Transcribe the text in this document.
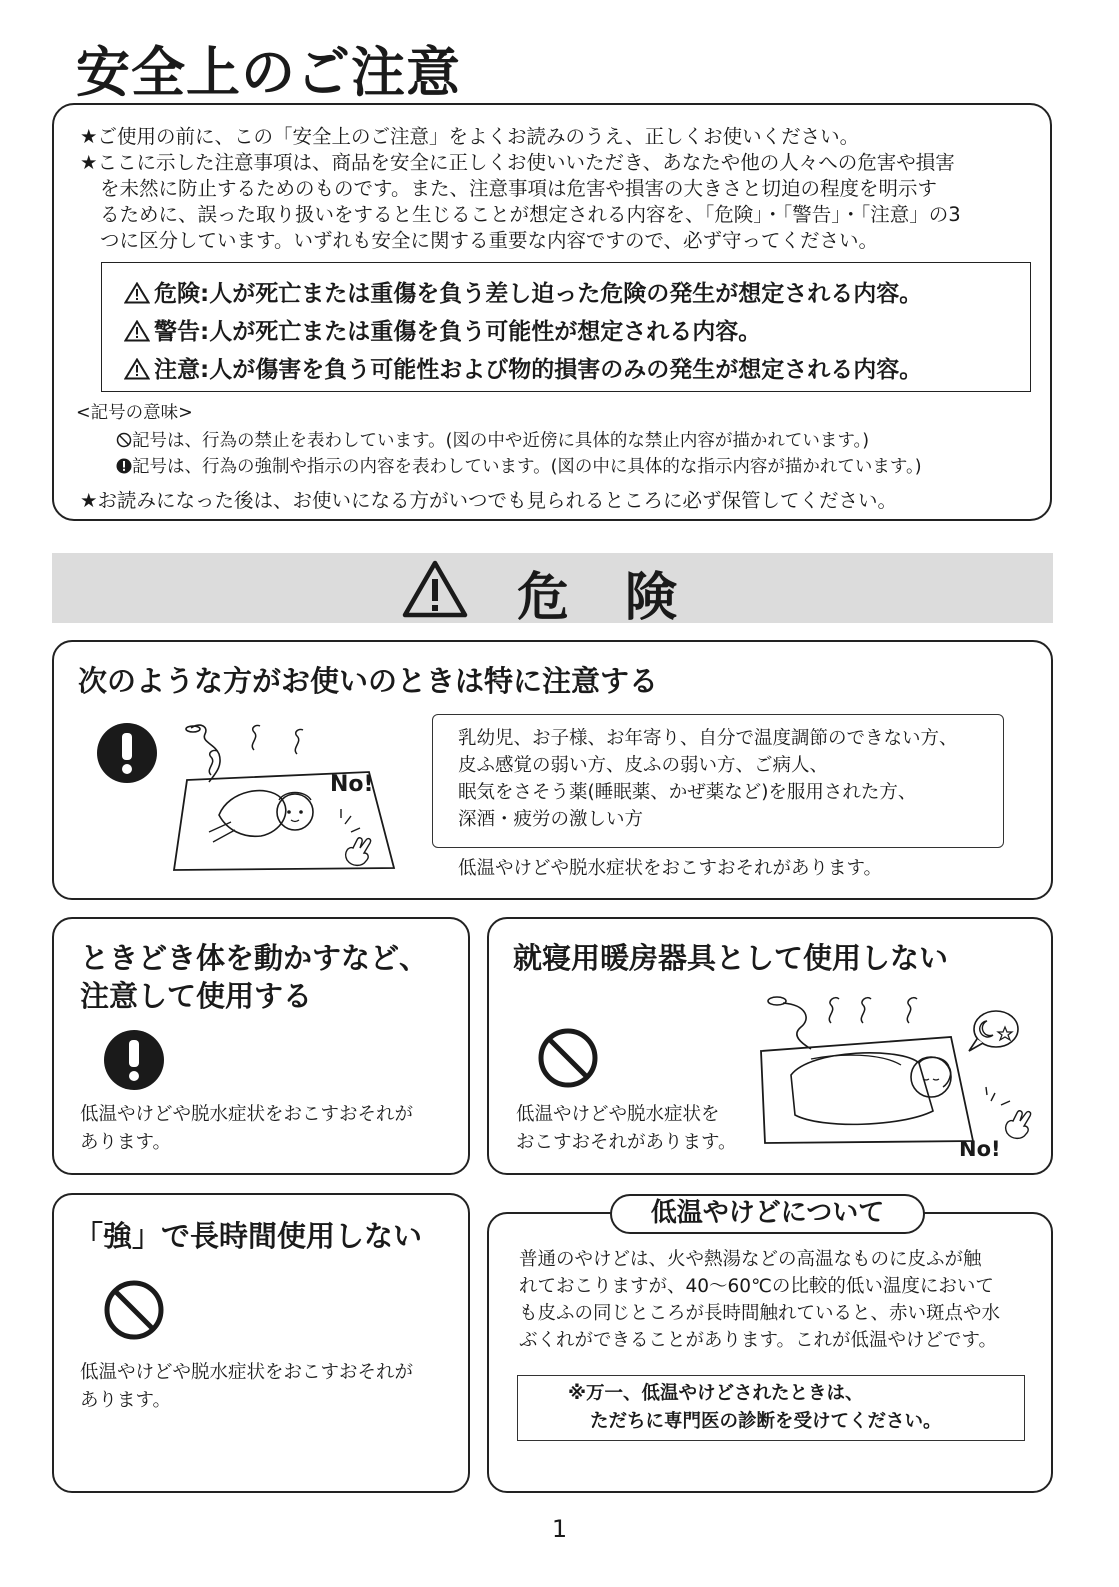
安全上のご注意
★ご使用の前に、この「安全上のご注意」をよくお読みのうえ、正しくお使いください。
★ここに示した注意事項は、商品を安全に正しくお使いいただき、あなたや他の人々への危害や損害
を未然に防止するためのものです。また、注意事項は危害や損害の大きさと切迫の程度を明示す
るために、誤った取り扱いをすると生じることが想定される内容を、「危険」・「警告」・「注意」の3
つに区分しています。いずれも安全に関する重要な内容ですので、必ず守ってください。
危険:人が死亡または重傷を負う差し迫った危険の発生が想定される内容。
警告:人が死亡または重傷を負う可能性が想定される内容。
注意:人が傷害を負う可能性および物的損害のみの発生が想定される内容。
<記号の意味>
記号は、行為の禁止を表わしています。(図の中や近傍に具体的な禁止内容が描かれています。)
記号は、行為の強制や指示の内容を表わしています。(図の中に具体的な指示内容が描かれています。)
★お読みになった後は、お使いになる方がいつでも見られるところに必ず保管してください。
危険
次のような方がお使いのときは特に注意する
No!
乳幼児、お子様、お年寄り、自分で温度調節のできない方、
皮ふ感覚の弱い方、皮ふの弱い方、ご病人、
眠気をさそう薬(睡眠薬、かぜ薬など)を服用された方、
深酒・疲労の激しい方
低温やけどや脱水症状をおこすおそれがあります。
ときどき体を動かすなど、
注意して使用する
低温やけどや脱水症状をおこすおそれが
あります。
就寝用暖房器具として使用しない
低温やけどや脱水症状を
おこすおそれがあります。	No!
「強」で長時間使用しない
低温やけどや脱水症状をおこすおそれが
あります。
普通のやけどは、火や熱湯などの高温なものに皮ふが触
れておこりますが、40〜60℃の比較的低い温度において
も皮ふの同じところが長時間触れていると、赤い斑点や水
ぶくれができることがあります。これが低温やけどです。
※万一、低温やけどされたときは、
ただちに専門医の診断を受けてください。
低温やけどについて
1
